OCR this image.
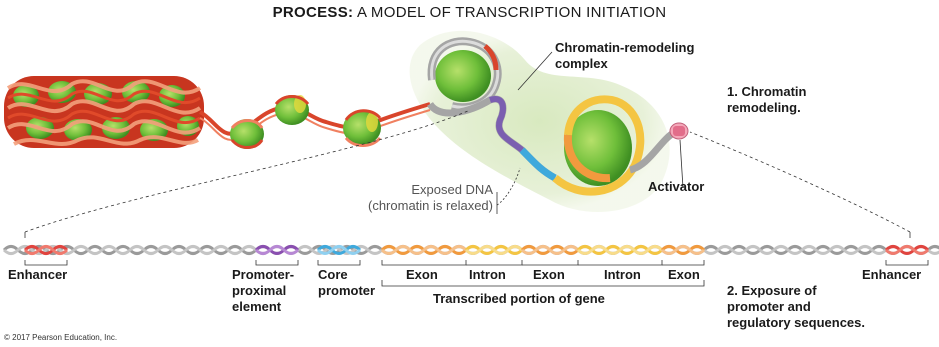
PROCESS: A MODEL OF TRANSCRIPTION INITIATION
Chromatin-remodeling
complex
1. Chromatin
remodeling.
Exposed DNA
(chromatin is relaxed)
Activator
Enhancer	Promoter-
proximal
element
Core
promoter
Exon Intron Exon	Intron Exon
Transcribed portion of gene
Enhancer
2. Exposure of
promoter and
regulatory sequences.
© 2017 Pearson Education, Inc.
